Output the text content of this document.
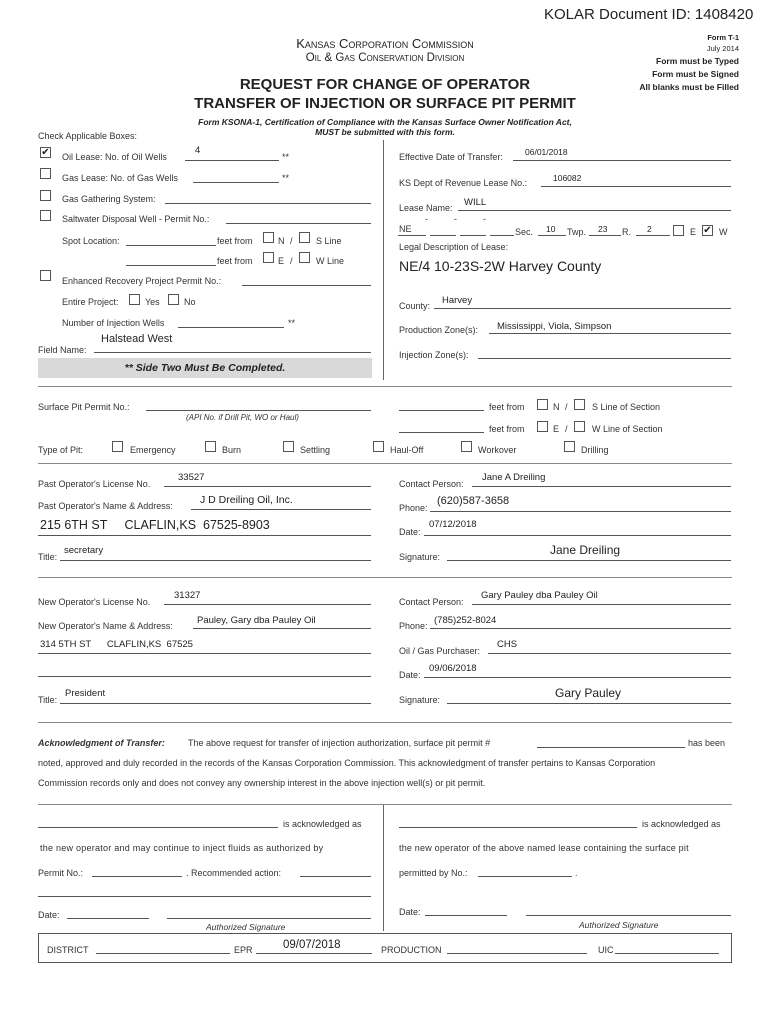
KOLAR Document ID: 1408420
Form T-1
July 2014
Form must be Typed
Form must be Signed
All blanks must be Filled
Kansas Corporation Commission
Oil & Gas Conservation Division
REQUEST FOR CHANGE OF OPERATOR
TRANSFER OF INJECTION OR SURFACE PIT PERMIT
Form KSONA-1, Certification of Compliance with the Kansas Surface Owner Notification Act,
MUST be submitted with this form.
Check Applicable Boxes:
✔ Oil Lease: No. of Oil Wells
4
**
Gas Lease: No. of Gas Wells	**
Gas Gathering System:
Saltwater Disposal Well - Permit No.:
Spot Location:	feet from	N /	S Line
feet from	E /	W Line
Enhanced Recovery Project Permit No.:
Entire Project:	Yes	No
Number of Injection Wells	**
Field Name:
Halstead West
** Side Two Must Be Completed.
Effective Date of Transfer:	06/01/2018
KS Dept of Revenue Lease No.:	106082
Lease Name: WILL
-	-	-
NE	Sec. 10 Twp. 23 R. 2	E ✔ W
Legal Description of Lease:
NE/4 10-23S-2W Harvey County
County: Harvey
Production Zone(s): Mississippi, Viola, Simpson
Injection Zone(s):
Surface Pit Permit No.:
(API No. if Drill Pit, WO or Haul)
feet from	N /	S Line of Section
feet from	E /	W Line of Section
Type of Pit:	Emergency	Burn	Settling	Haul-Off	Workover	Drilling
Past Operator's License No.
33527
Past Operator's Name & Address:	J D Dreiling Oil, Inc.
215 6TH ST     CLAFLIN,KS  67525-8903
Title:
secretary
Contact Person:
Jane A Dreiling
Phone:
(620)587-3658
Date:
07/12/2018
Signature:	Jane Dreiling
New Operator's License No.
31327
New Operator's Name & Address:	Pauley, Gary dba Pauley Oil
314 5TH ST      CLAFLIN,KS  67525
Title:
President
Contact Person:
Gary Pauley dba Pauley Oil
Phone: (785)252-8024
Oil / Gas Purchaser:
CHS
Date:
09/06/2018
Signature:	Gary Pauley
Acknowledgment of Transfer:	The above request for transfer of injection authorization, surface pit permit #	has been
noted, approved and duly recorded in the records of the Kansas Corporation Commission. This acknowledgment of transfer pertains to Kansas Corporation
Commission records only and does not convey any ownership interest in the above injection well(s) or pit permit.
is acknowledged as
the new operator and may continue to inject fluids as authorized by
Permit No.:	. Recommended action:
Date:
Authorized Signature
is acknowledged as
the new operator of the above named lease containing the surface pit
permitted by No.:	.
Date:
Authorized Signature
DISTRICT	EPR	09/07/2018	PRODUCTION	UIC
